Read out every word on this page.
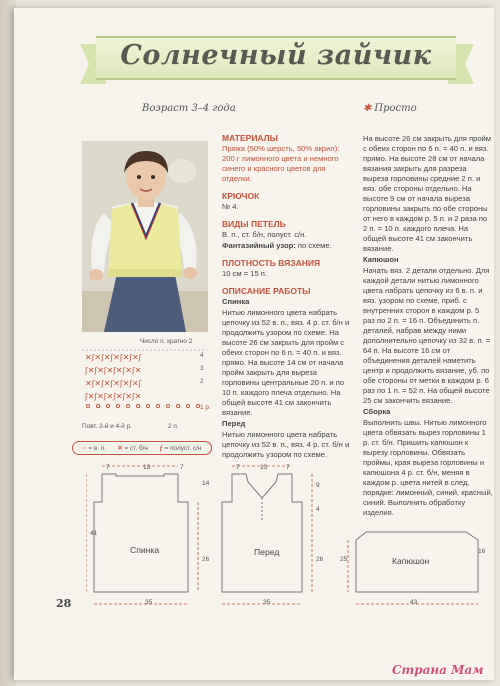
Солнечный зайчик
Возраст 3–4 года	✱ Просто
МАТЕРИАЛЫ
Пряжа (50% шерсть, 50% акрил): 200 г лимонного цвета и немного синего и красного цветов для отделки.
КРЮЧОК
№ 4.
ВИДЫ ПЕТЕЛЬ
В. п., ст. б/н, полуст. с/н.
Фантазийный узор: по схеме.
ПЛОТНОСТЬ ВЯЗАНИЯ
10 см = 15 п.
ОПИСАНИЕ РАБОТЫ
Спинка
Нитью лимонного цвета набрать цепочку из 52 в. п., вяз. 4 р. ст. б/н и продолжить узором по схеме. На высоте 26 см закрыть для пройм с обеих сторон по 6 п. = 40 п. и вяз. прямо. На высоте 14 см от начала пройм закрыть для выреза горловины центральные 20 п. и по 10 п. каждого плеча отдельно. На общей высоте 41 см закончить вязание.
Перед
Нитью лимонного цвета набрать цепочку из 52 в. п., вяз. 4 р. ст. б/н и продолжить узором по схеме.
На высоте 26 см закрыть для пройм с обеих сторон по 6 п. = 40 п. и вяз. прямо. На высоте 28 см от начала вязания закрыть для разреза выреза горловины средние 2 п. и вяз. обе стороны отдельно. На высоте 9 см от начала выреза горловины закрыть по обе стороны от него в каждом р. 5 п. и 2 раза по 2 п. = 10 п. каждого плеча. На общей высоте 41 см закончить вязание.
Капюшон
Начать вяз. 2 детали отдельно. Для каждой детали нитью лимонного цвета набрать цепочку из 6 в. п. и вяз. узором по схеме, приб. с внутренних сторон в каждом р. 5 раз по 2 п. = 16 п. Объединить п. деталей, набрав между ними дополнительно цепочку из 32 в. п. = 64 п. На высоте 16 см от объединения деталей наметить центр и продолжить вязание, уб. по обе стороны от метки в каждом р. 6 раз по 1 п. = 52 п. На общей высоте 25 см закончить вязание.
Сборка
Выполнить швы. Нитью лимонного цвета обвязать вырез горловины 1 р. ст. б/н. Пришить капюшон к вырезу горловины. Обвязать проймы, края выреза горловины и капюшона 4 р. ст. б/н, меняя в каждом р. цвета нитей в след. порядке: лимонный, синий, красный, синий. Выполнить обработку изделия.
Число п. кратно 2
✕ʃ✕ʃ✕ʃ✕ʃ✕ʃ✕ʃ
ʃ✕ʃ✕ʃ✕ʃ✕ʃ✕ʃ✕
✕ʃ✕ʃ✕ʃ✕ʃ✕ʃ✕ʃ
ʃ✕ʃ✕ʃ✕ʃ✕ʃ✕ʃ✕
4
3
2
1 р.
Повт. 3-й и 4-й р.	2 п.
○ = в. п. ✕ = ст. б/н ƒ = полуст. с/н
7	13	7
41
14
26
Спинка
35
7	13	7
9
4
26
Перед
35
25
16
Капюшон
43
28
Страна Мам
